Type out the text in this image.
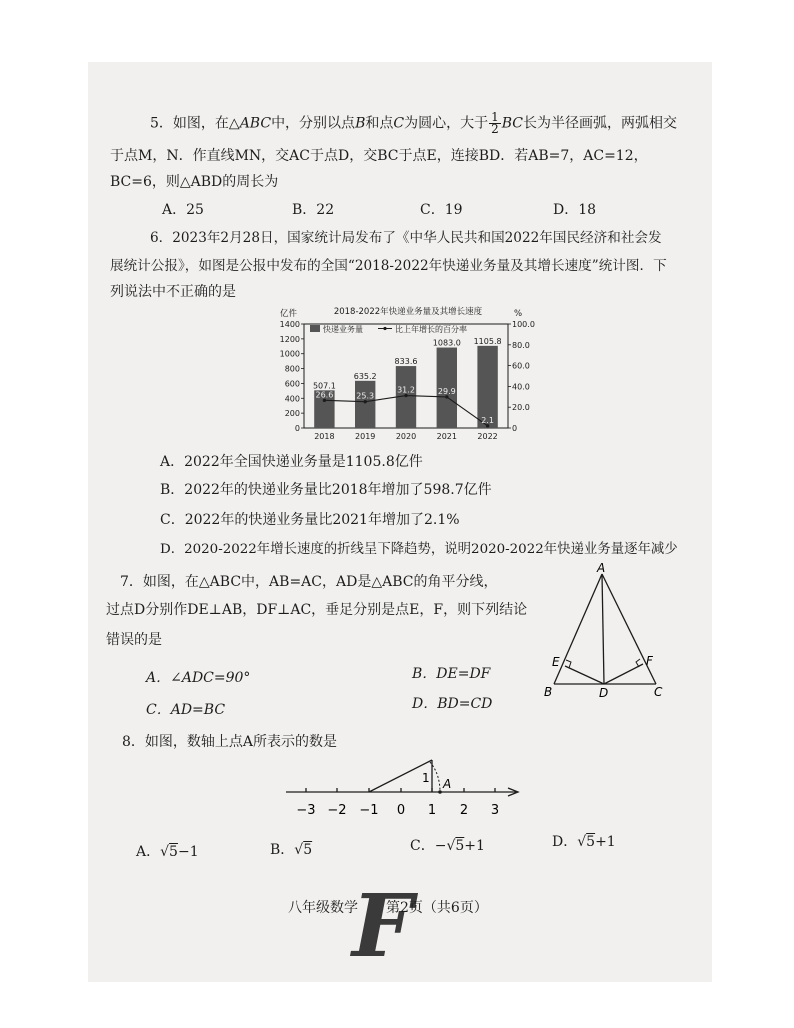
5．如图，在△ABC中，分别以点B和点C为圆心，大于 $\frac{1}{2}$ BC长为半径画弧，两弧相交
于点M，N．作直线MN，交AC于点D，交BC于点E，连接BD．若AB=7，AC=12，
BC=6，则△ABD的周长为
A．25	B．22	C．19	D．18
6．2023年2月28日，国家统计局发布了《中华人民共和国2022年国民经济和社会发
展统计公报》，如图是公报中发布的全国“2018-2022年快递业务量及其增长速度”统计图．下
列说法中不正确的是
2018-2022年快递业务量及其增长速度
亿件	%
快递业务量	比上年增长的百分率
0
200
400
600
800
1000
1200
1400
0
20.0
40.0
60.0
80.0
100.0
507.1
2018
635.2
2019
833.6
2020
1083.0
2021
1105.8
2022
26.6	25.3
31.2	29.9
2.1
A．2022年全国快递业务量是1105.8亿件
B．2022年的快递业务量比2018年增加了598.7亿件
C．2022年的快递业务量比2021年增加了2.1%
D．2020-2022年增长速度的折线呈下降趋势，说明2020-2022年快递业务量逐年减少
7．如图，在△ABC中，AB=AC，AD是△ABC的角平分线，
过点D分别作DE⊥AB，DF⊥AC，垂足分别是点E，F，则下列结论
错误的是
A．∠ADC=90°	B．DE=DF
C．AD=BC	D．BD=CD
A
B	C
D
E	F
8．如图，数轴上点A所表示的数是
1 A
−3 −2 −1 0 1 2 3
A．√5−1	B．√5	C．−√5+1	D．√5+1
八年级数学
F
第2页（共6页）
